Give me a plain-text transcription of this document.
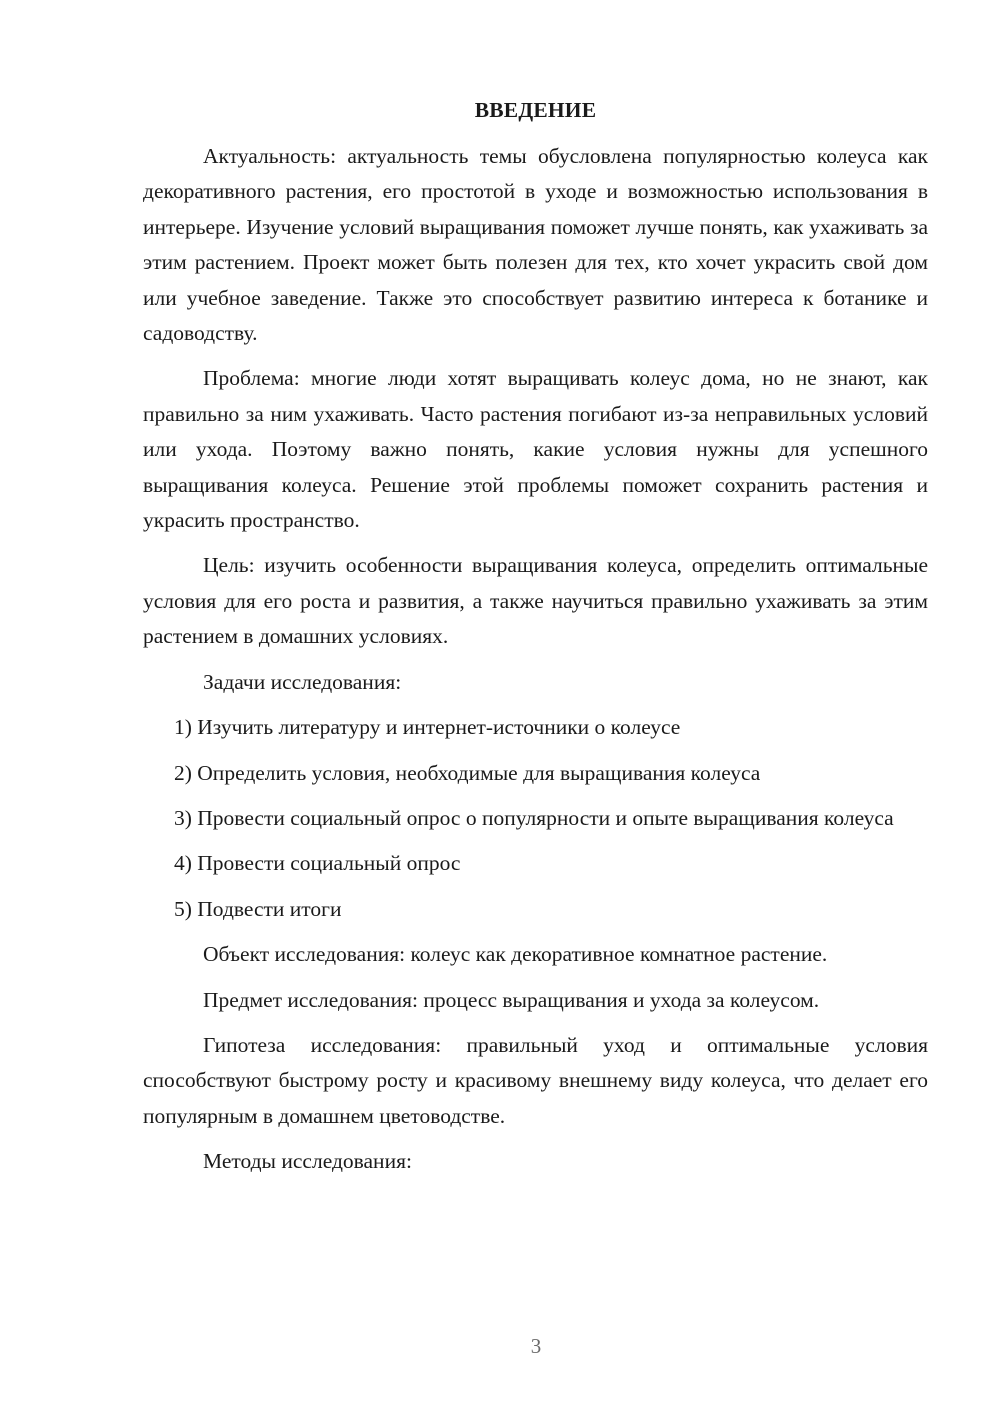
ВВЕДЕНИЕ

Актуальность: актуальность темы обусловлена популярностью колеуса как декоративного растения, его простотой в уходе и возможностью использования в интерьере. Изучение условий выращивания поможет лучше понять, как ухаживать за этим растением. Проект может быть полезен для тех, кто хочет украсить свой дом или учебное заведение. Также это способствует развитию интереса к ботанике и садоводству.

Проблема: многие люди хотят выращивать колеус дома, но не знают, как правильно за ним ухаживать. Часто растения погибают из-за неправильных условий или ухода. Поэтому важно понять, какие условия нужны для успешного выращивания колеуса. Решение этой проблемы поможет сохранить растения и украсить пространство.

Цель: изучить особенности выращивания колеуса, определить оптимальные условия для его роста и развития, а также научиться правильно ухаживать за этим растением в домашних условиях.

Задачи исследования:

1) Изучить литературу и интернет-источники о колеусе

2) Определить условия, необходимые для выращивания колеуса

3) Провести социальный опрос о популярности и опыте выращивания колеуса

4) Провести социальный опрос

5) Подвести итоги

Объект исследования: колеус как декоративное комнатное растение.

Предмет исследования: процесс выращивания и ухода за колеусом.

Гипотеза исследования: правильный уход и оптимальные условия способствуют быстрому росту и красивому внешнему виду колеуса, что делает его популярным в домашнем цветоводстве.

Методы исследования:

3
